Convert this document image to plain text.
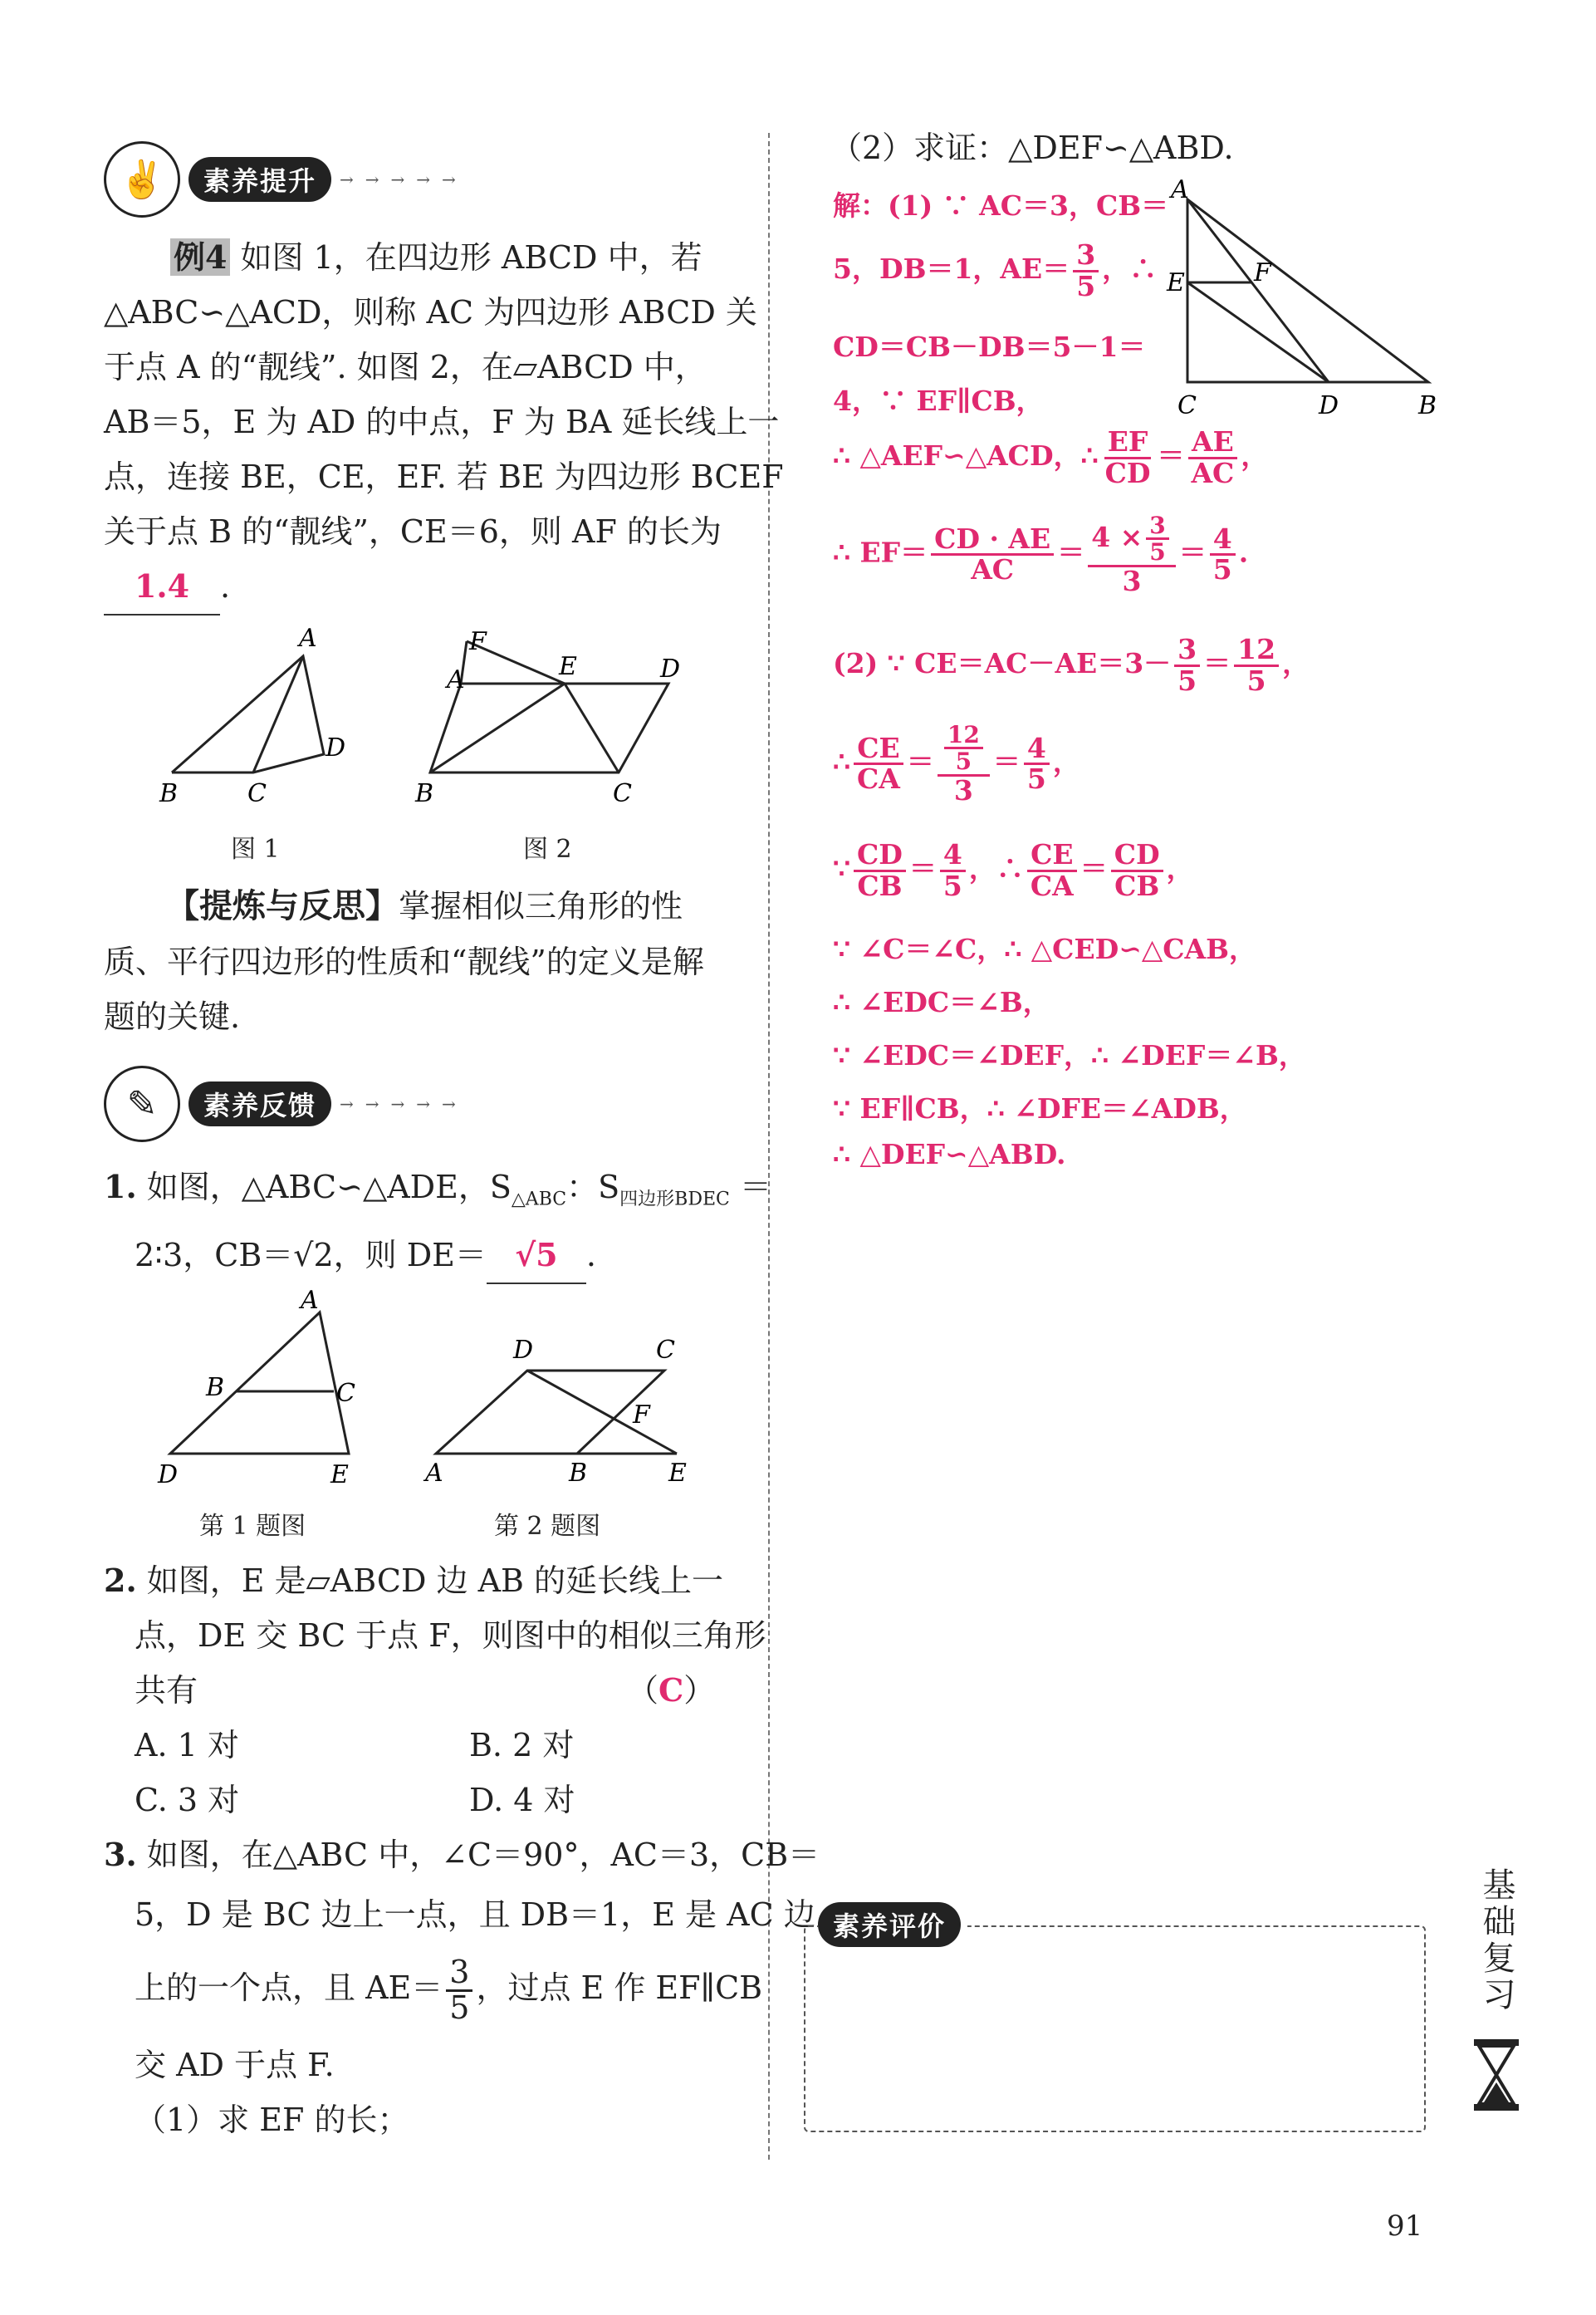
✌	素养提升	→→→→→
例4 如图 1，在四边形 ABCD 中，若
△ABC∽△ACD，则称 AC 为四边形 ABCD 关
于点 A 的“靓线”. 如图 2，在▱ABCD 中，
AB＝5，E 为 AD 的中点，F 为 BA 延长线上一
点，连接 BE，CE，EF. 若 BE 为四边形 BCEF
关于点 B 的“靓线”，CE＝6，则 AF 的长为
1.4 .
A
B	C
D
图 1
F
A	E	D
B	C
图 2
【提炼与反思】掌握相似三角形的性
质、平行四边形的性质和“靓线”的定义是解
题的关键.
✎	素养反馈	→→→→→
1. 如图，△ABC∽△ADE，$S_{\triangle ABC}$：$S_{四边形BDEC}$ ＝
2∶3，CB＝√2，则 DE＝ √5 .
A
B	C
D	E
第 1 题图
D	C
F
A	B	E
第 2 题图
2. 如图，E 是▱ABCD 边 AB 的延长线上一
点，DE 交 BC 于点 F，则图中的相似三角形
共有	（C）
A. 1 对	B. 2 对
C. 3 对	D. 4 对
3. 如图，在△ABC 中，∠C＝90°，AC＝3，CB＝
5，D 是 BC 边上一点，且 DB＝1，E 是 AC 边
上的一个点，且 $AE= \frac{3}{5}$ ，过点 E 作 EF∥CB
交 AD 于点 F.
（1）求 EF 的长；
（2）求证：△DEF∽△ABD.
A
E	F
C	D	B
解：(1) ∵ AC＝3，CB＝
5，DB＝1，$AE= \frac{3}{5}$ ，∴
CD＝CB－DB＝5－1＝
4，∵ EF∥CB，
∴ △AEF∽△ACD，∴ $\frac{EF}{CD} = \frac{AE}{AC}$ ，
∴ $EF= \frac{CD \cdot AE}{AC} = \frac{4 \times \frac{3}{5}}{3} = \frac{4}{5}$ .
(2) ∵ $CE=AC-AE=3- \frac{3}{5} = \frac{12}{5}$ ，
∴ $\frac{CE}{CA} = \frac{\frac{12}{5}}{3} = \frac{4}{5}$ ，
∵ $\frac{CD}{CB} = \frac{4}{5}$ ，∴ $\frac{CE}{CA} = \frac{CD}{CB}$ ，
∵ ∠C＝∠C，∴ △CED∽△CAB，
∴ ∠EDC＝∠B，
∵ ∠EDC＝∠DEF，∴ ∠DEF＝∠B，
∵ EF∥CB，∴ ∠DFE＝∠ADB，
∴ △DEF∽△ABD.
素养评价	基础复习
91
